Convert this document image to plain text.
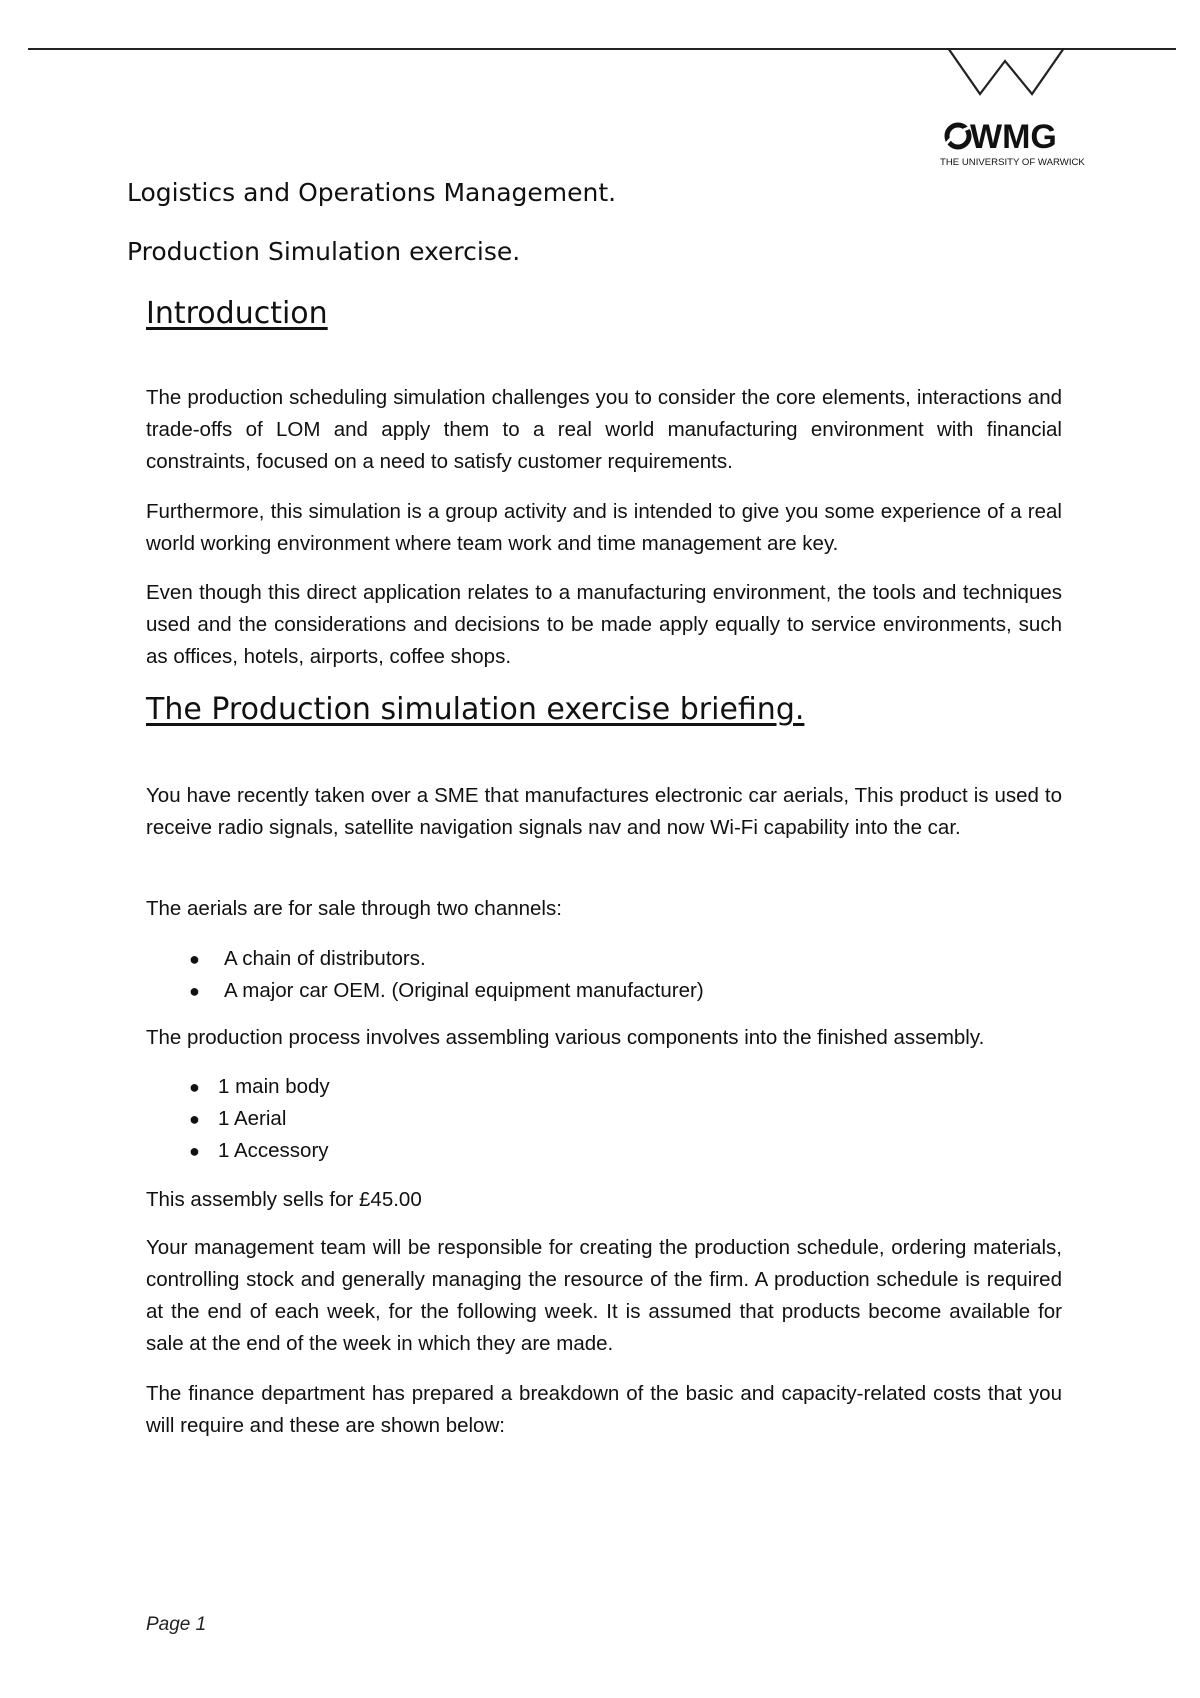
WMG
THE UNIVERSITY OF WARWICK
Logistics and Operations Management.
Production Simulation exercise.
Introduction

The production scheduling simulation challenges you to consider the core elements, interactions and trade-offs of LOM and apply them to a real world manufacturing environment with financial constraints, focused on a need to satisfy customer requirements.

Furthermore, this simulation is a group activity and is intended to give you some experience of a real world working environment where team work and time management are key.

Even though this direct application relates to a manufacturing environment, the tools and techniques used and the considerations and decisions to be made apply equally to service environments, such as offices, hotels, airports, coffee shops.

The Production simulation exercise briefing.

You have recently taken over a SME that manufactures electronic car aerials, This product is used to receive radio signals, satellite navigation signals nav and now Wi-Fi capability into the car.

The aerials are for sale through two channels:

● A chain of distributors.
● A major car OEM. (Original equipment manufacturer)

The production process involves assembling various components into the finished assembly.

● 1 main body
● 1 Aerial
● 1 Accessory

This assembly sells for £45.00

Your management team will be responsible for creating the production schedule, ordering materials, controlling stock and generally managing the resource of the firm. A production schedule is required at the end of each week, for the following week. It is assumed that products become available for sale at the end of the week in which they are made.

The finance department has prepared a breakdown of the basic and capacity-related costs that you will require and these are shown below:

Page 1
